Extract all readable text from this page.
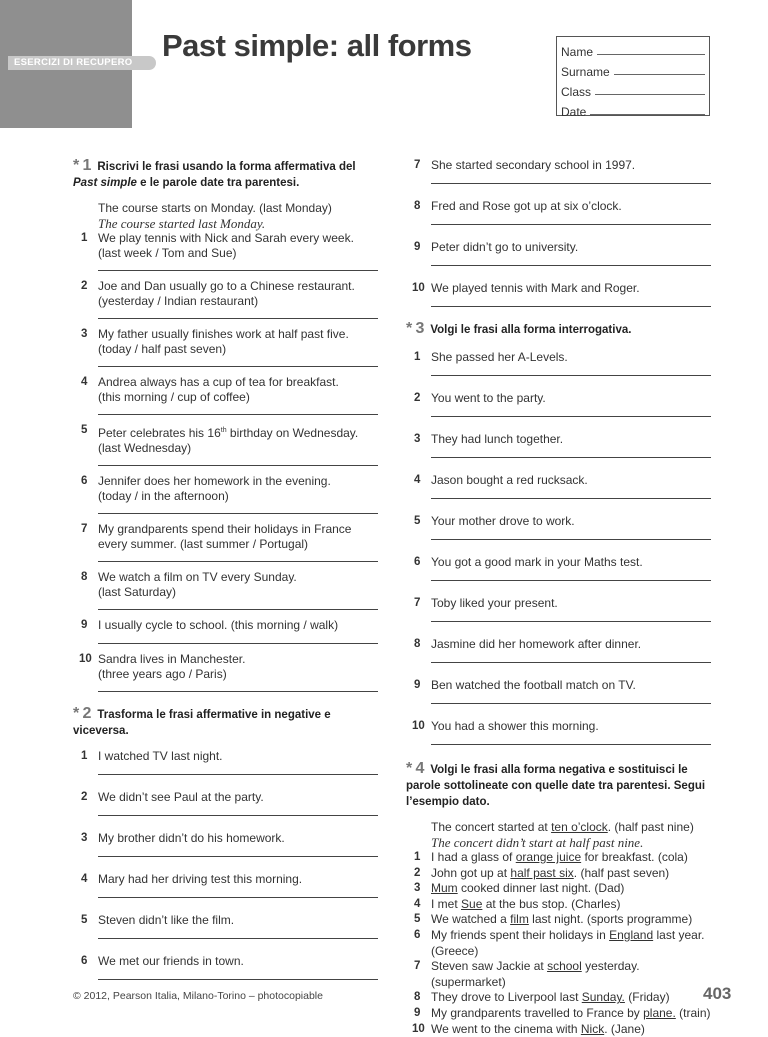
ESERCIZI DI RECUPERO Past simple: all forms	Name
Surname
Class
Date
* 1 Riscrivi le frasi usando la forma affermativa del Past simple e le parole date tra parentesi.
The course starts on Monday. (last Monday)
The course started last Monday.
1 We play tennis with Nick and Sarah every week.
(last week / Tom and Sue)
2 Joe and Dan usually go to a Chinese restaurant.
(yesterday / Indian restaurant)
3 My father usually finishes work at half past five.
(today / half past seven)
4 Andrea always has a cup of tea for breakfast.
(this morning / cup of coffee)
5 Peter celebrates his 16th birthday on Wednesday.
(last Wednesday)
6 Jennifer does her homework in the evening.
(today / in the afternoon)
7 My grandparents spend their holidays in France
every summer. (last summer / Portugal)
8 We watch a film on TV every Sunday.
(last Saturday)
9 I usually cycle to school. (this morning / walk)
10 Sandra lives in Manchester.
(three years ago / Paris)
* 2 Trasforma le frasi affermative in negative e viceversa.
1 I watched TV last night.
2 We didn’t see Paul at the party.
3 My brother didn’t do his homework.
4 Mary had her driving test this morning.
5 Steven didn’t like the film.
6 We met our friends in town.
7 She started secondary school in 1997.
8 Fred and Rose got up at six o’clock.
9 Peter didn’t go to university.
10 We played tennis with Mark and Roger.
* 3 Volgi le frasi alla forma interrogativa.
1 She passed her A-Levels.
2 You went to the party.
3 They had lunch together.
4 Jason bought a red rucksack.
5 Your mother drove to work.
6 You got a good mark in your Maths test.
7 Toby liked your present.
8 Jasmine did her homework after dinner.
9 Ben watched the football match on TV.
10 You had a shower this morning.
* 4 Volgi le frasi alla forma negativa e sostituisci le parole sottolineate con quelle date tra parentesi. Segui l’esempio dato.
The concert started at ten o’clock. (half past nine)
The concert didn’t start at half past nine.
1 I had a glass of orange juice for breakfast. (cola)
2 John got up at half past six. (half past seven)
3 Mum cooked dinner last night. (Dad)
4 I met Sue at the bus stop. (Charles)
5 We watched a film last night. (sports programme)
6 My friends spent their holidays in England last year.
(Greece)
7 Steven saw Jackie at school yesterday.
(supermarket)
8 They drove to Liverpool last Sunday. (Friday)
9 My grandparents travelled to France by plane. (train)
10 We went to the cinema with Nick. (Jane)
© 2012, Pearson Italia, Milano-Torino – photocopiable	403
